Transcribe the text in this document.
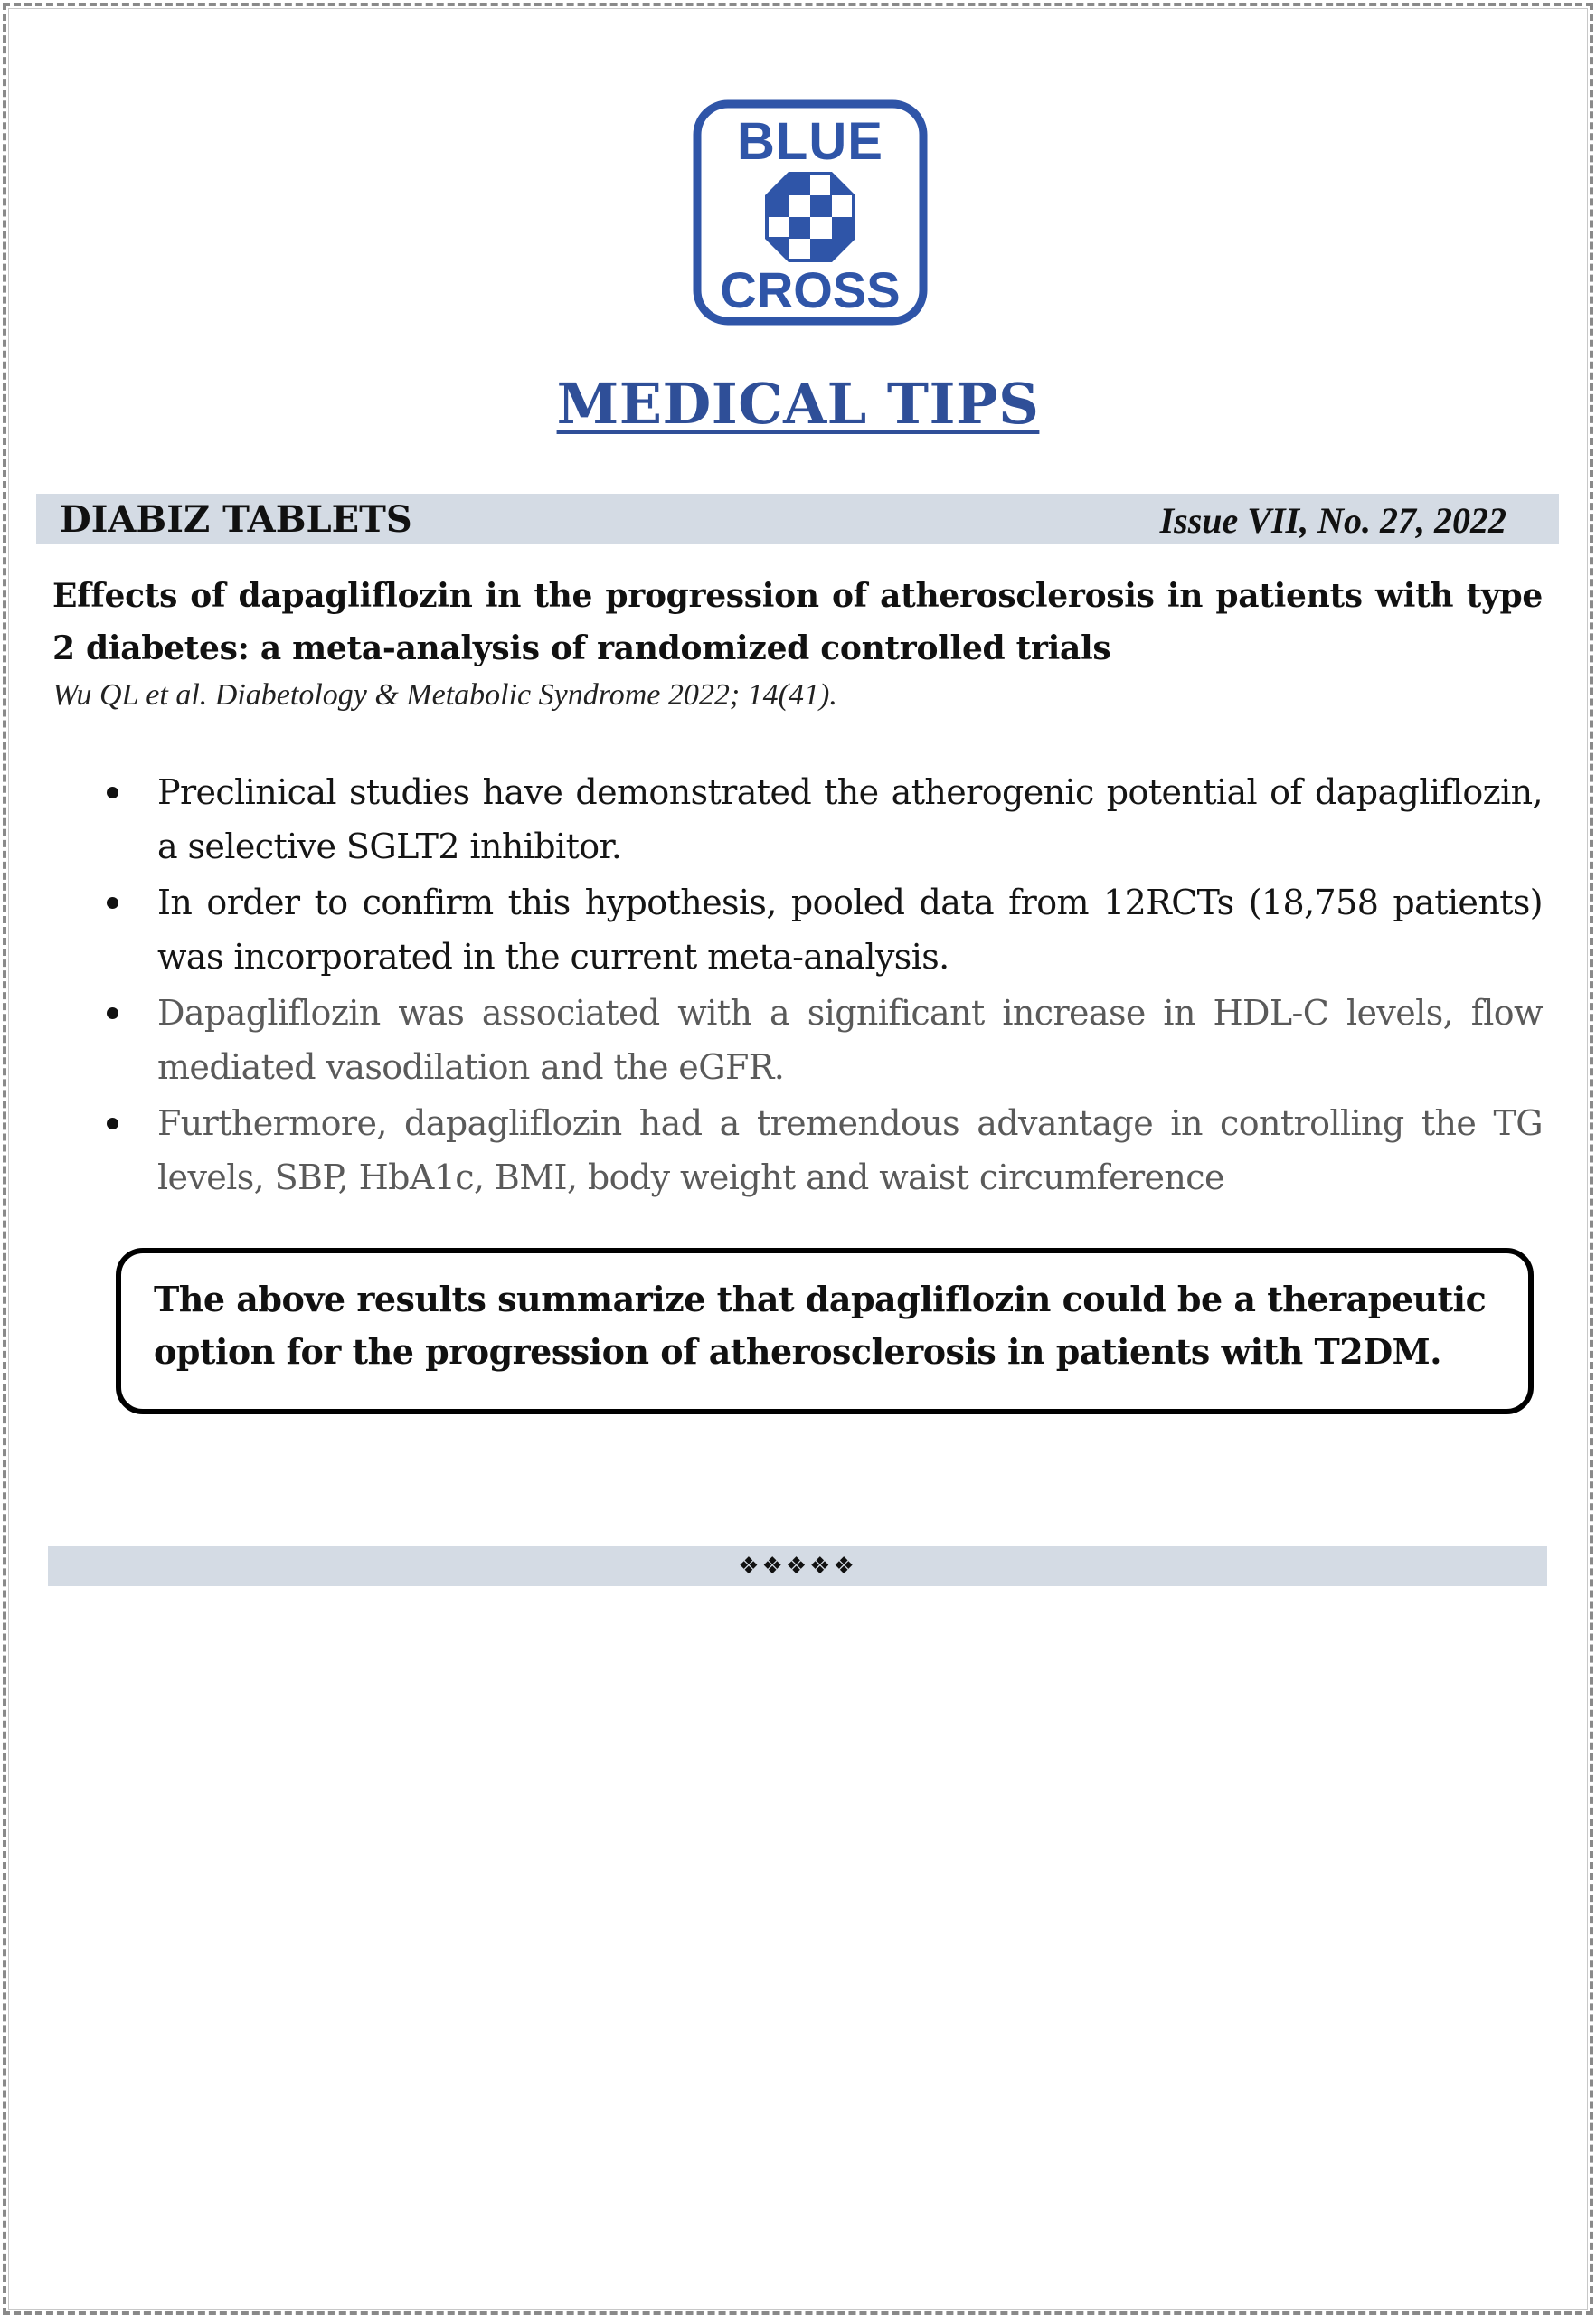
BLUE
CROSS
MEDICAL TIPS
DIABIZ TABLETS	Issue VII, No. 27, 2022
Effects of dapagliflozin in the progression of atherosclerosis in patients with type 2 diabetes: a meta-analysis of randomized controlled trials
Wu QL et al. Diabetology & Metabolic Syndrome 2022; 14(41).
Preclinical studies have demonstrated the atherogenic potential of dapagliflozin, a selective SGLT2 inhibitor.
In order to confirm this hypothesis, pooled data from 12RCTs (18,758 patients) was incorporated in the current meta-analysis.
Dapagliflozin was associated with a significant increase in HDL-C levels, flow mediated vasodilation and the eGFR.
Furthermore, dapagliflozin had a tremendous advantage in controlling the TG levels, SBP, HbA1c, BMI, body weight and waist circumference
The above results summarize that dapagliflozin could be a therapeutic option for the progression of atherosclerosis in patients with T2DM.
❖❖❖❖❖
